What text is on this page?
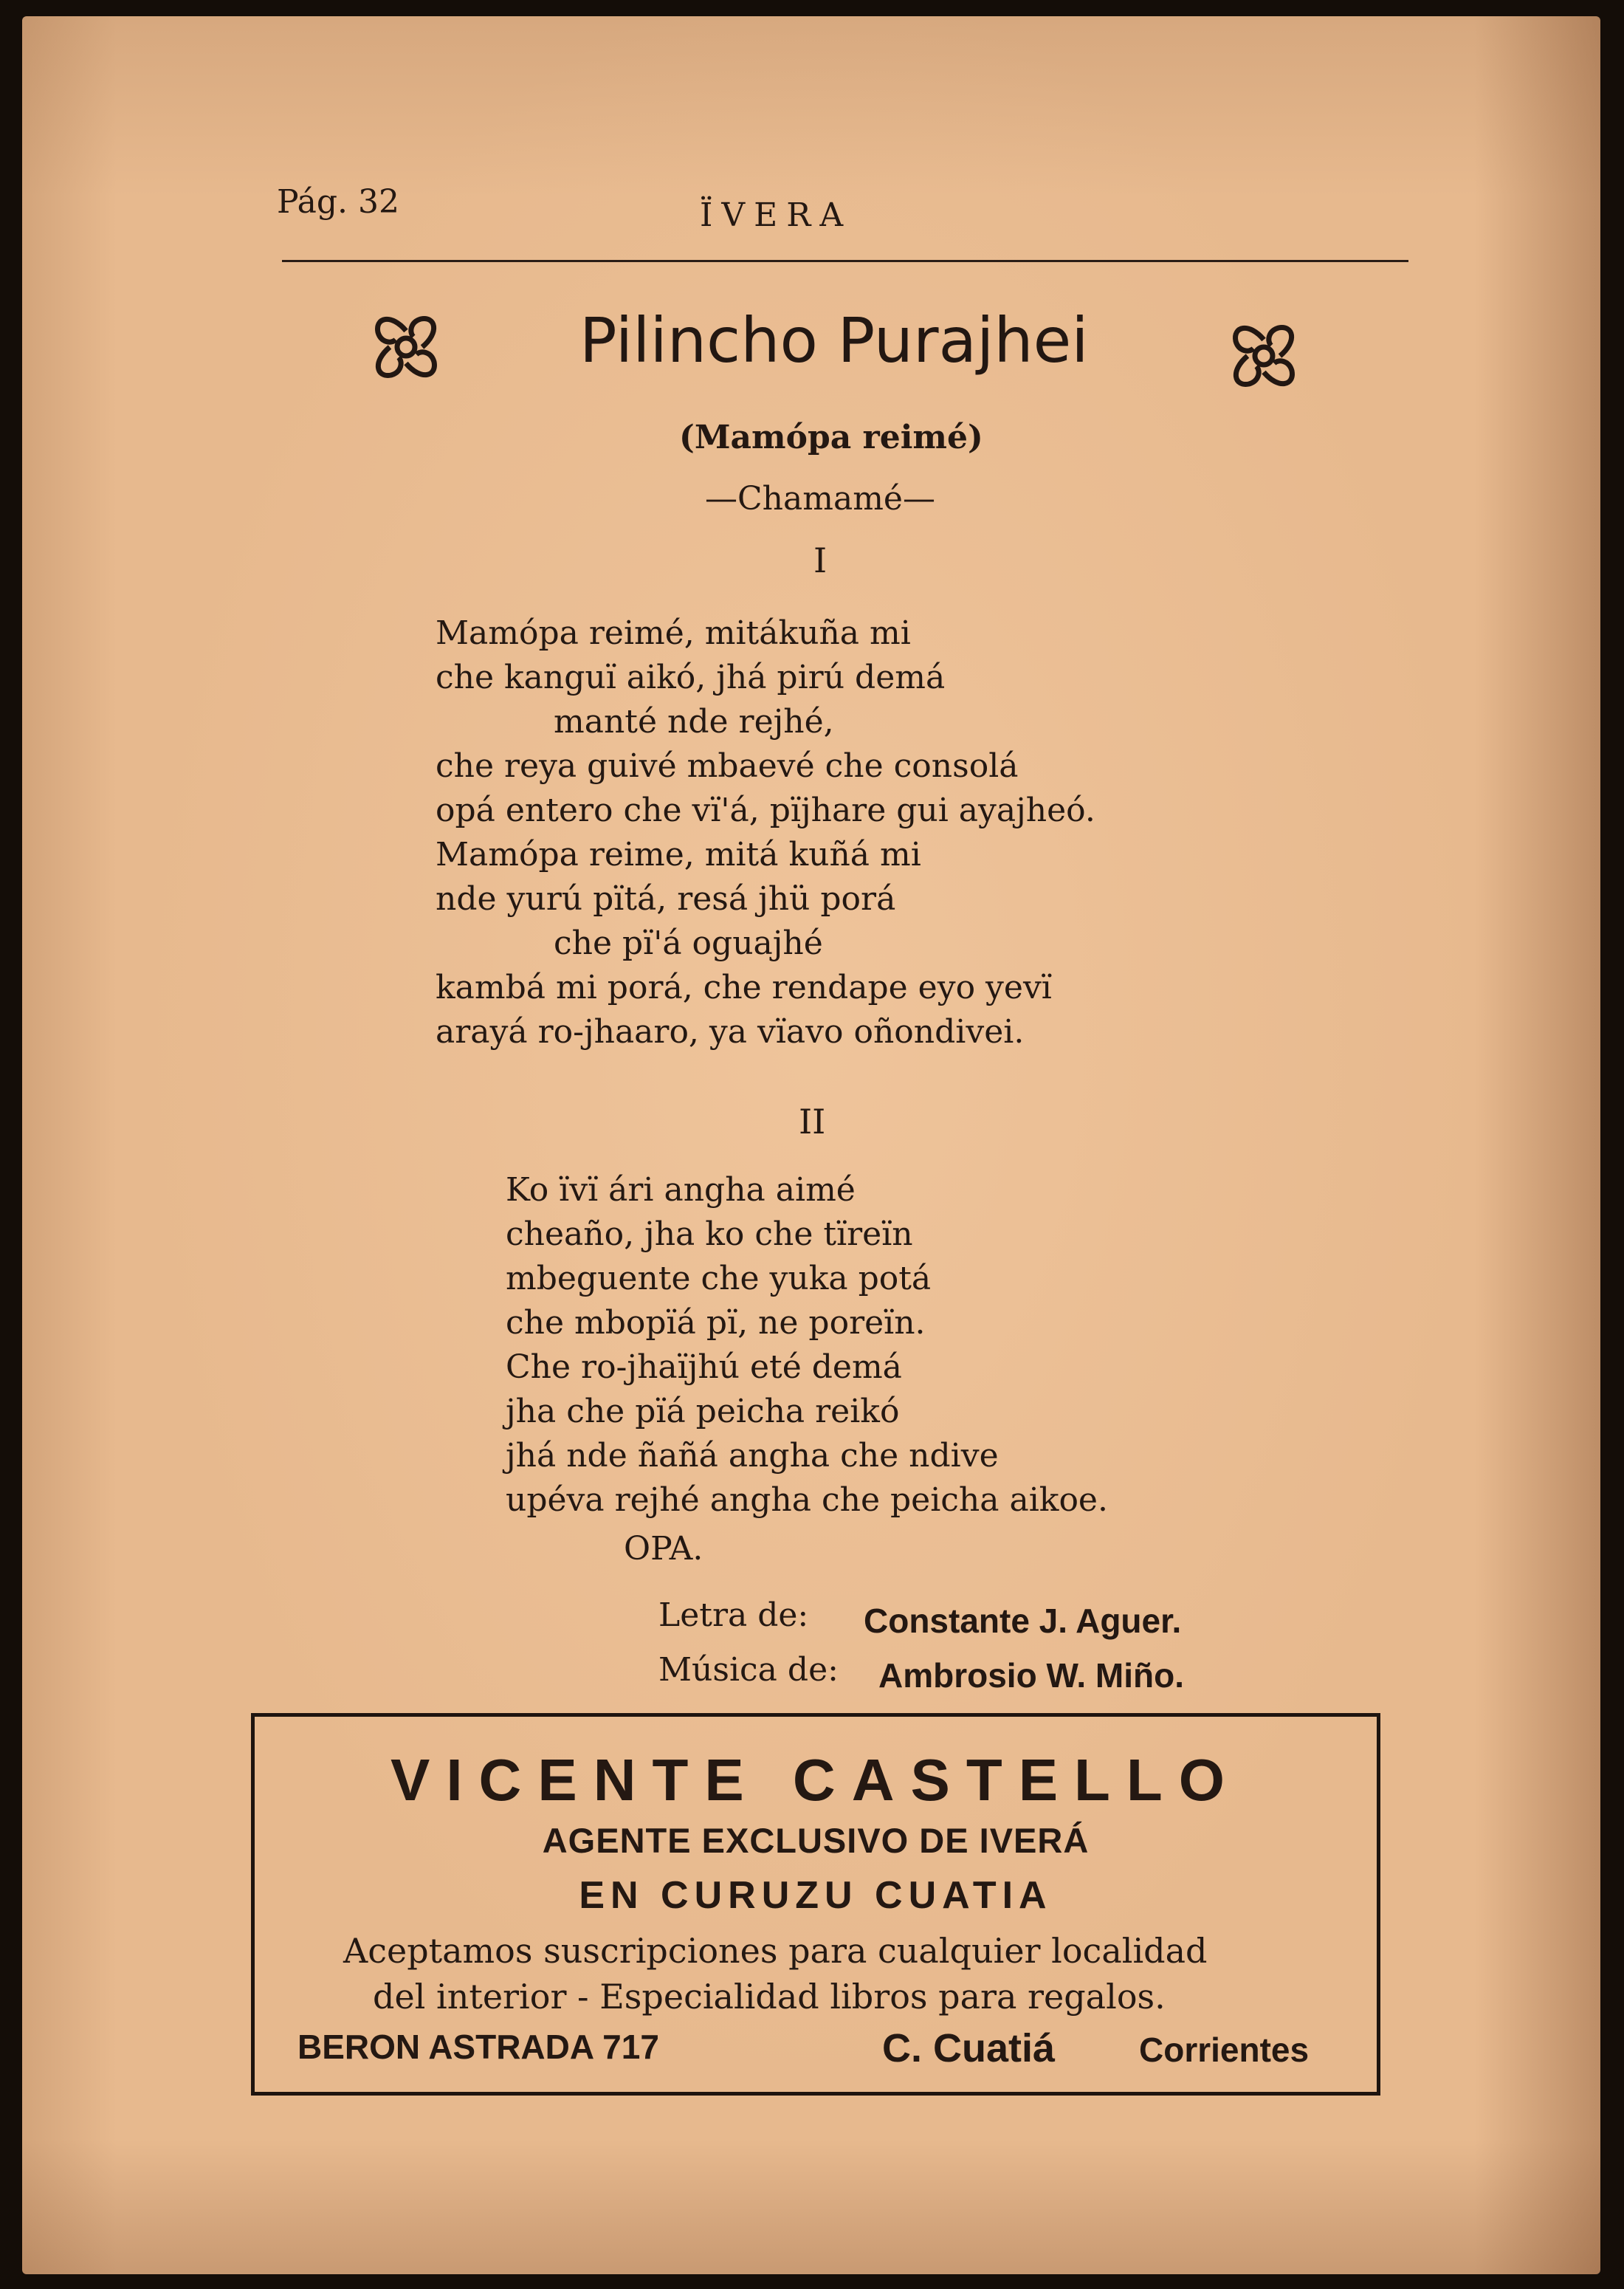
Pág. 32	ÏVERA
Pilincho Purajhei
(Mamópa reimé)
—Chamamé—
I
Mamópa reimé, mitákuña mi
che kanguï aikó, jhá pirú demá
manté nde rejhé,
che reya guivé mbaevé che consolá
opá entero che vï'á, pïjhare gui ayajheó.
Mamópa reime, mitá kuñá mi
nde yurú pïtá, resá jhü porá
che pï'á oguajhé
kambá mi porá, che rendape eyo yevï
arayá ro-jhaaro, ya vïavo oñondivei.
II
Ko ïvï ári angha aimé
cheaño, jha ko che tïreïn
mbeguente che yuka potá
che mbopïá pï, ne poreïn.
Che ro-jhaïjhú eté demá
jha che pïá peicha reikó
jhá nde ñañá angha che ndive
upéva rejhé angha che peicha aikoe.
OPA.
Letra de: Constante J. Aguer.
Música de: Ambrosio W. Miño.
VICENTE CASTELLO
AGENTE EXCLUSIVO DE IVERÁ
EN CURUZU CUATIA
Aceptamos suscripciones para cualquier localidad
del interior - Especialidad libros para regalos.
BERON ASTRADA 717	C. Cuatiá Corrientes
